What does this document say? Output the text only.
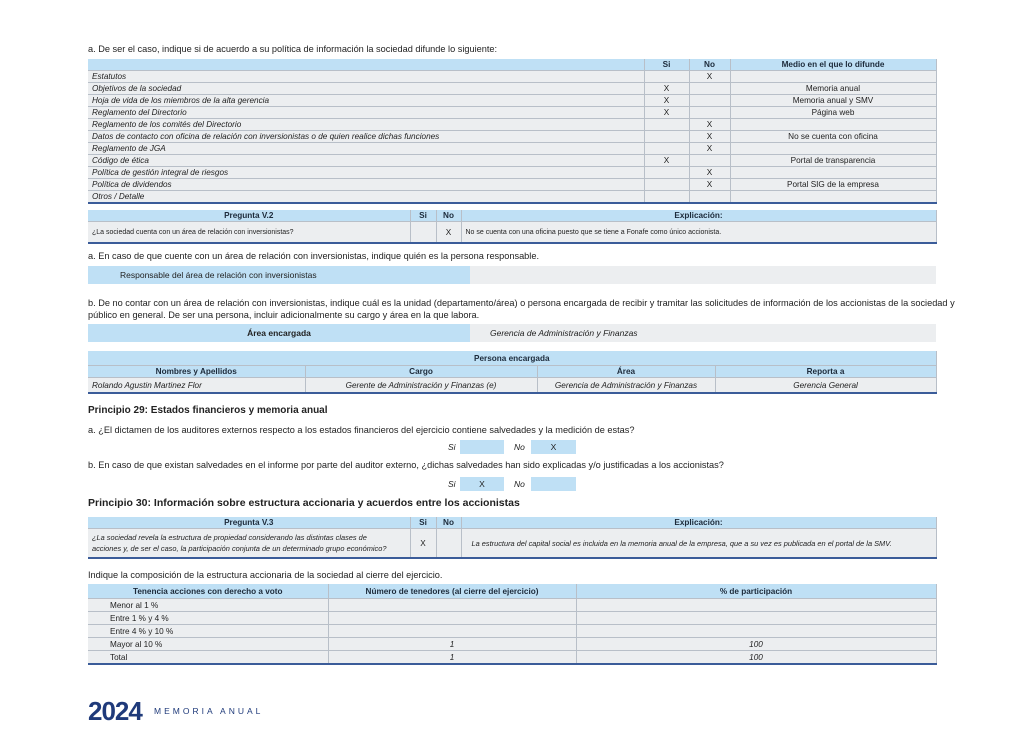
a. De ser el caso, indique si de acuerdo a su política de información la sociedad difunde lo siguiente:
	Si	No	Medio en el que lo difunde
Estatutos		X	
Objetivos de la sociedad	X		Memoria anual
Hoja de vida de los miembros de la alta gerencia	X		Memoria anual y SMV
Reglamento del Directorio	X		Página web
Reglamento de los comités del Directorio		X	
Datos de contacto con oficina de relación con inversionistas o de quien realice dichas funciones		X	No se cuenta con oficina
Reglamento de JGA		X	
Código de ética	X		Portal de transparencia
Política de gestión integral de riesgos		X	
Política de dividendos		X	Portal SIG de la empresa
Otros / Detalle			
Pregunta V.2	Si	No	Explicación:
¿La sociedad cuenta con un área de relación con inversionistas?		X	No se cuenta con una oficina puesto que se tiene a Fonafe como único accionista.
a. En caso de que cuente con un área de relación con inversionistas, indique quién es la persona responsable.
Responsable del área de relación con inversionistas
b. De no contar con un área de relación con inversionistas, indique cuál es la unidad (departamento/área) o persona encargada de recibir y tramitar las solicitudes de información de los accionistas de la sociedad y
público en general. De ser una persona, incluir adicionalmente su cargo y área en la que labora.
Área encargada	Gerencia de Administración y Finanzas
Persona encargada			
Nombres y Apellidos	Cargo	Área	Reporta a
Rolando Agustin Martinez Flor	Gerente de Administración y Finanzas (e)	Gerencia de Administración y Finanzas	Gerencia General
Principio 29: Estados financieros y memoria anual
a. ¿El dictamen de los auditores externos respecto a los estados financieros del ejercicio contiene salvedades y la medición de estas?
Si	No	X
b. En caso de que existan salvedades en el informe por parte del auditor externo, ¿dichas salvedades han sido explicadas y/o justificadas a los accionistas?
Si	X	No
Principio 30: Información sobre estructura accionaria y acuerdos entre los accionistas
Pregunta V.3	Si	No	Explicación:

¿La sociedad revela la estructura de propiedad considerando las distintas clases de
acciones y, de ser el caso, la participación conjunta de un determinado grupo económico?	X		La estructura del capital social es incluida en la memoria anual de la empresa, que a su vez es publicada en el portal de la SMV.
Indique la composición de la estructura accionaria de la sociedad al cierre del ejercicio.
Tenencia acciones con derecho a voto	Número de tenedores (al cierre del ejercicio)	% de participación
Menor al 1 %		
Entre 1 % y 4 %		
Entre 4 % y 10 %		
Mayor al 10 %	1	100
Total	1	100
2024 MEMORIA ANUAL
